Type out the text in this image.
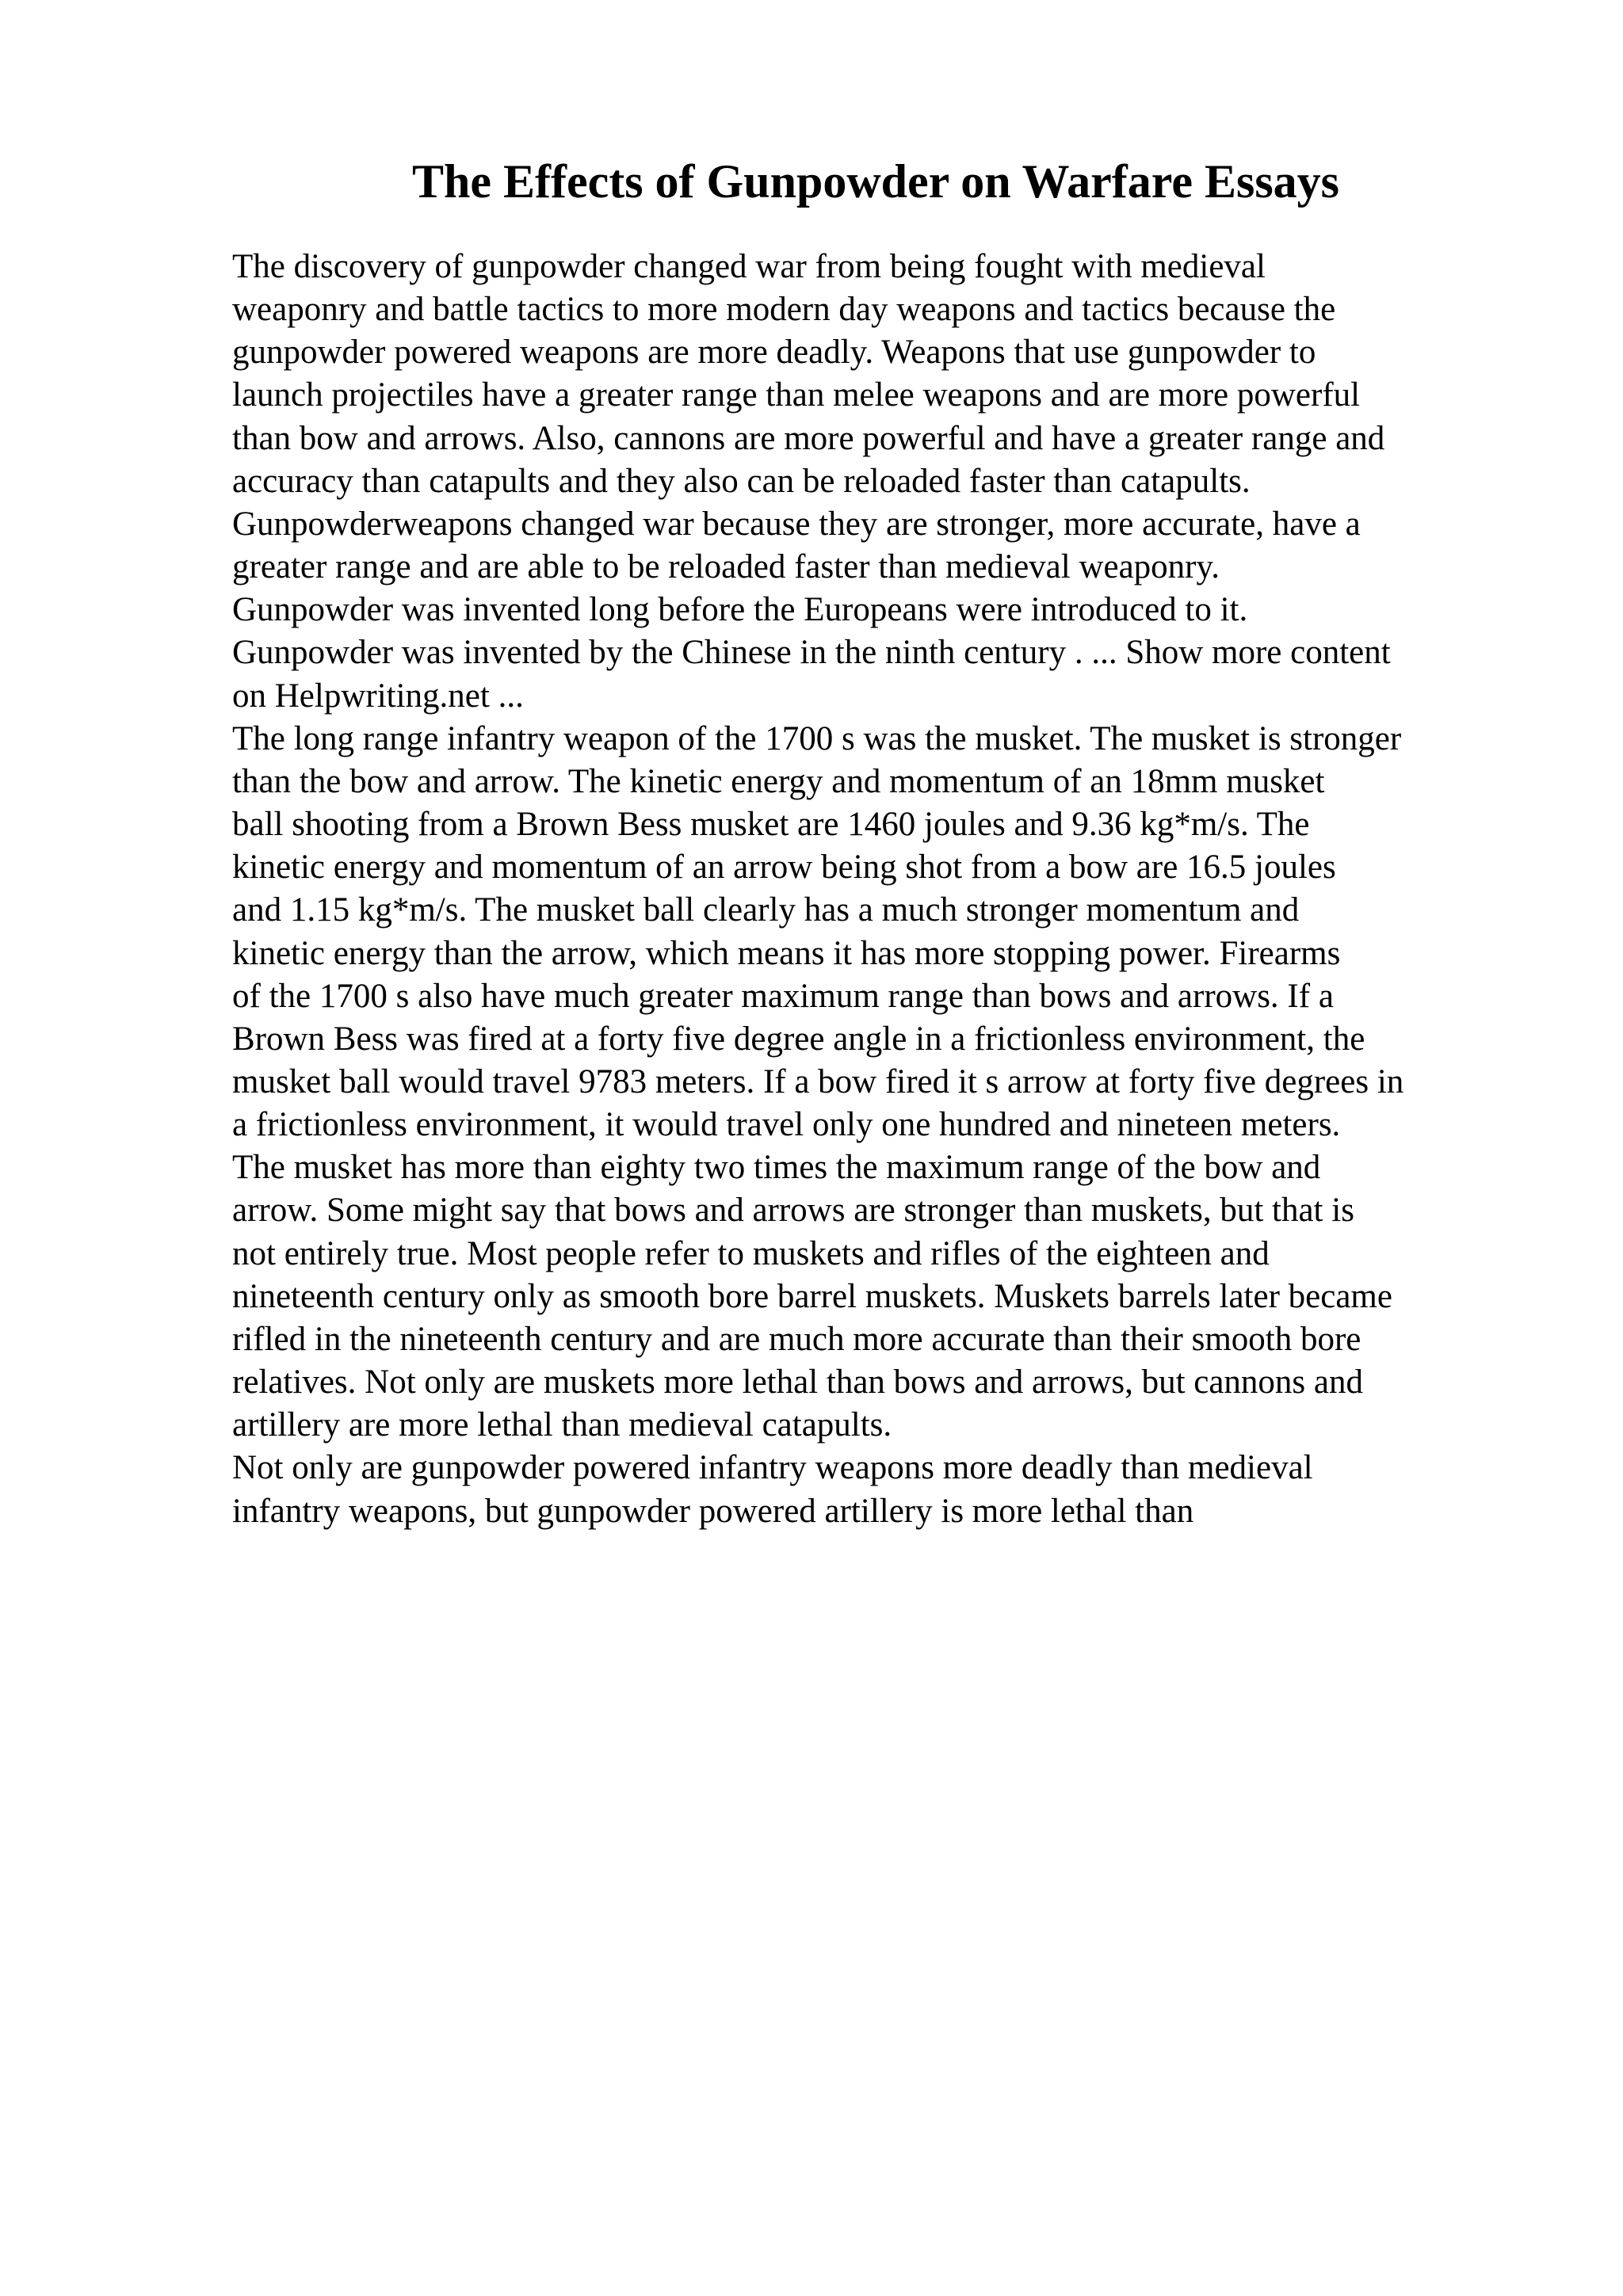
The Effects of Gunpowder on Warfare Essays
The discovery of gunpowder changed war from being fought with medieval
weaponry and battle tactics to more modern day weapons and tactics because the
gunpowder powered weapons are more deadly. Weapons that use gunpowder to
launch projectiles have a greater range than melee weapons and are more powerful
than bow and arrows. Also, cannons are more powerful and have a greater range and
accuracy than catapults and they also can be reloaded faster than catapults.
Gunpowderweapons changed war because they are stronger, more accurate, have a
greater range and are able to be reloaded faster than medieval weaponry.
Gunpowder was invented long before the Europeans were introduced to it.
Gunpowder was invented by the Chinese in the ninth century . ... Show more content
on Helpwriting.net ...
The long range infantry weapon of the 1700 s was the musket. The musket is stronger
than the bow and arrow. The kinetic energy and momentum of an 18mm musket
ball shooting from a Brown Bess musket are 1460 joules and 9.36 kg*m/s. The
kinetic energy and momentum of an arrow being shot from a bow are 16.5 joules
and 1.15 kg*m/s. The musket ball clearly has a much stronger momentum and
kinetic energy than the arrow, which means it has more stopping power. Firearms
of the 1700 s also have much greater maximum range than bows and arrows. If a
Brown Bess was fired at a forty five degree angle in a frictionless environment, the
musket ball would travel 9783 meters. If a bow fired it s arrow at forty five degrees in
a frictionless environment, it would travel only one hundred and nineteen meters.
The musket has more than eighty two times the maximum range of the bow and
arrow. Some might say that bows and arrows are stronger than muskets, but that is
not entirely true. Most people refer to muskets and rifles of the eighteen and
nineteenth century only as smooth bore barrel muskets. Muskets barrels later became
rifled in the nineteenth century and are much more accurate than their smooth bore
relatives. Not only are muskets more lethal than bows and arrows, but cannons and
artillery are more lethal than medieval catapults.
Not only are gunpowder powered infantry weapons more deadly than medieval
infantry weapons, but gunpowder powered artillery is more lethal than
